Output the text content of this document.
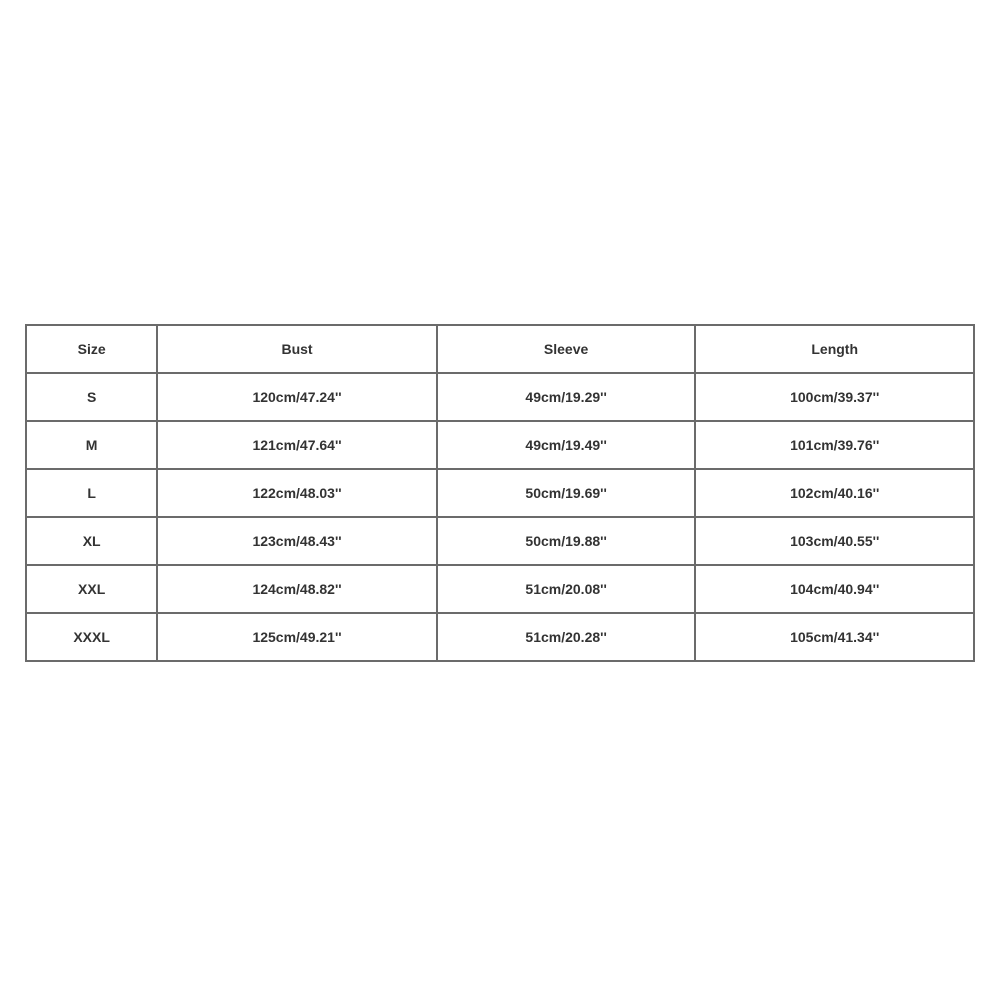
Size	Bust	Sleeve	Length
S	120cm/47.24''	49cm/19.29''	100cm/39.37''
M	121cm/47.64''	49cm/19.49''	101cm/39.76''
L	122cm/48.03''	50cm/19.69''	102cm/40.16''
XL	123cm/48.43''	50cm/19.88''	103cm/40.55''
XXL	124cm/48.82''	51cm/20.08''	104cm/40.94''
XXXL	125cm/49.21''	51cm/20.28''	105cm/41.34''
